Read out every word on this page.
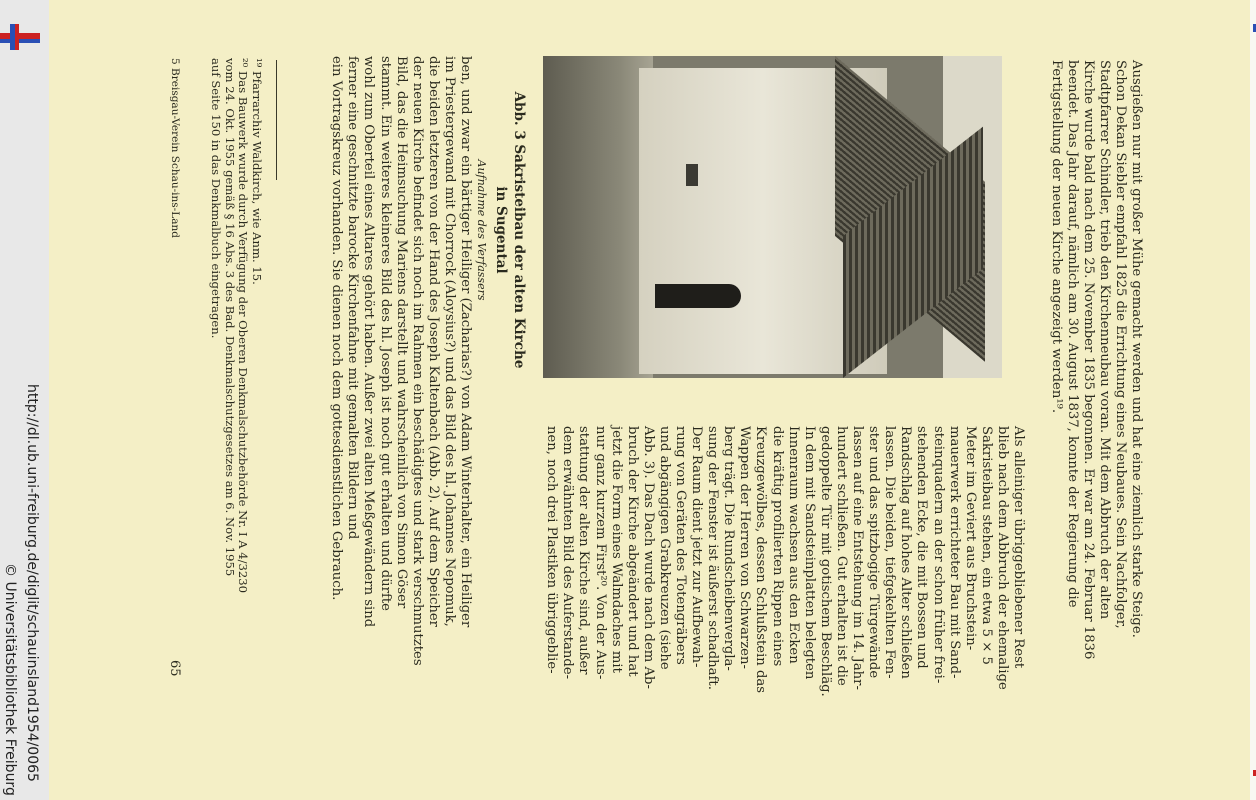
http://dl.ub.uni-freiburg.de/diglit/schauinsland1954/0065
© Universitätsbibliothek Freiburg

Ausgießen nur mit großer Mühe gemacht werden und hat eine ziemlich starke Steige.

Schon Dekan Siebler empfahl 1825 die Errichtung eines Neubaues. Sein Nachfolger,

Stadtpfarrer Schindler, trieb den Kirchenneubau voran. Mit dem Abbruch der alten

Kirche wurde bald nach dem 25. November 1835 begonnen. Er war am 24. Februar 1836

beendet. Das Jahr darauf, nämlich am 30. August 1837, konnte der Regierung die

Fertigstellung der neuen Kirche angezeigt werden¹⁹.

Als alleiniger übriggebliebener Rest

blieb nach dem Abbruch der ehemalige

Sakristeibau stehen, ein etwa 5 × 5

Meter im Geviert aus Bruchstein-

mauerwerk errichteter Bau mit Sand-

steinquadern an der schon früher frei-

stehenden Ecke, die mit Bossen und

Randschlag auf hohes Alter schließen

lassen. Die beiden, tiefgekehlten Fen-

ster und das spitzbogige Türgewände

lassen auf eine Entstehung im 14. Jahr-

hundert schließen. Gut erhalten ist die

gedoppelte Tür mit gotischem Beschläg.

In dem mit Sandsteinplatten belegten

Innenraum wachsen aus den Ecken

die kräftig profilierten Rippen eines

Kreuzgewölbes, dessen Schlußstein das

Wappen der Herren von Schwarzen-

berg trägt. Die Rundscheibenvergla-

sung der Fenster ist äußerst schadhaft.

Der Raum dient jetzt zur Aufbewah-

rung von Geräten des Totengräbers

und abgängigen Grabkreuzen (siehe

Abb. 3). Das Dach wurde nach dem Ab-

bruch der Kirche abgeändert und hat

jetzt die Form eines Walmdaches mit

nur ganz kurzem First²⁰. Von der Aus-

stattung der alten Kirche sind, außer

dem erwähnten Bild des Auferstande-

nen, noch drei Plastiken übriggeblie-

ben, und zwar ein bärtiger Heiliger (Zacharias?) von Adam Winterhalter, ein Heiliger

im Priestergewand mit Chorrock (Aloysius?) und das Bild des hl. Johannes Nepomuk,

die beiden letzteren von der Hand des Joseph Kaltenbach (Abb. 2). Auf dem Speicher

der neuen Kirche befindet sich noch im Rahmen ein beschädigtes und stark verschmutztes

Bild, das die Heimsuchung Mariens darstellt und wahrscheinlich von Simon Göser

stammt. Ein weiteres kleineres Bild des hl. Joseph ist noch gut erhalten und dürfte

wohl zum Oberteil eines Altares gehört haben. Außer zwei alten Meßgewändern sind

ferner eine geschnitzte barocke Kirchenfahne mit gemalten Bildern und

ein Vortragskreuz vorhanden. Sie dienen noch dem gottesdienstlichen Gebrauch.	Abb. 3 Sakristeibau der alten Kirche

in Sugental

Aufnahme des Verfassers

¹⁹ Pfarrarchiv Waldkirch, wie Anm. 15.

²⁰ Das Bauwerk wurde durch Verfügung der Oberen Denkmalschutzbehörde Nr. I A 4/3230

vom 24. Okt. 1955 gemäß § 16 Abs. 3 des Bad. Denkmalschutzgesetzes am 6. Nov. 1955

auf Seite 150 in das Denkmalbuch eingetragen.

5 Breisgau-Verein Schau-ins-Land
65
